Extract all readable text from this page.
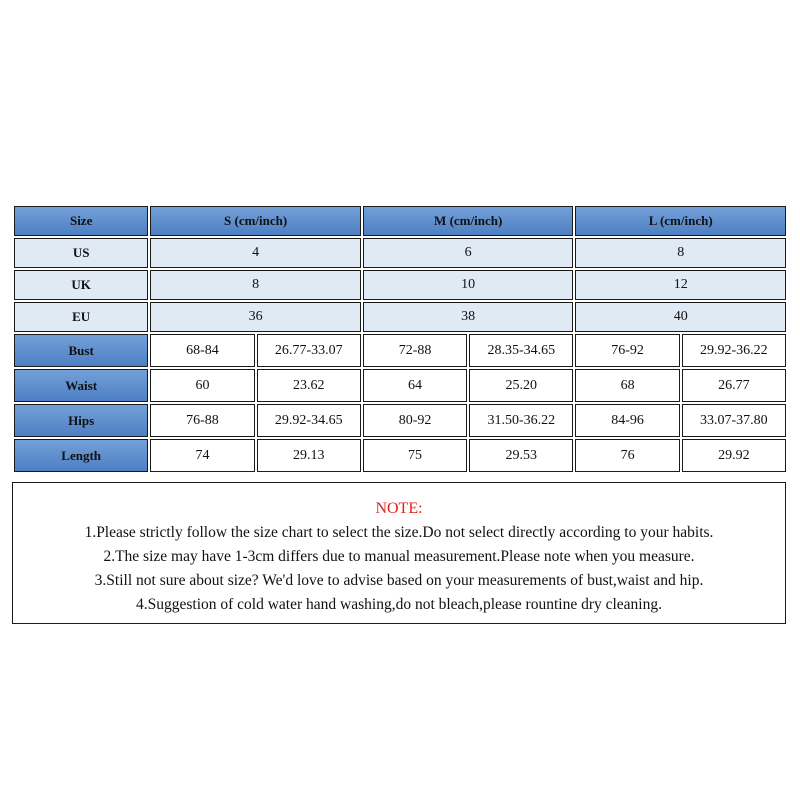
Size	S (cm/inch)		M (cm/inch)		L (cm/inch)	
US	4		6		8	
UK	8		10		12	
EU	36		38		40	
Bust	68-84	26.77-33.07	72-88	28.35-34.65	76-92	29.92-36.22
Waist	60	23.62	64	25.20	68	26.77
Hips	76-88	29.92-34.65	80-92	31.50-36.22	84-96	33.07-37.80
Length	74	29.13	75	29.53	76	29.92
NOTE:
1.Please strictly follow the size chart to select the size.Do not select directly according to your habits.
2.The size may have 1-3cm differs due to manual measurement.Please note when you measure.
3.Still not sure about size? We'd love to advise based on your measurements of bust,waist and hip.
4.Suggestion of cold water hand washing,do not bleach,please rountine dry cleaning.
